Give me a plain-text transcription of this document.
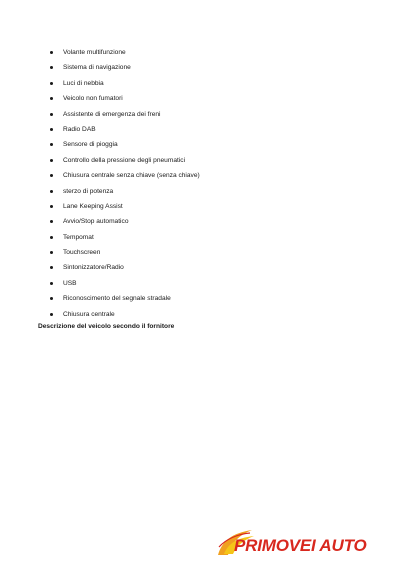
Volante multifunzione
Sistema di navigazione
Luci di nebbia
Veicolo non fumatori
Assistente di emergenza dei freni
Radio DAB
Sensore di pioggia
Controllo della pressione degli pneumatici
Chiusura centrale senza chiave (senza chiave)
sterzo di potenza
Lane Keeping Assist
Avvio/Stop automatico
Tempomat
Touchscreen
Sintonizzatore/Radio
USB
Riconoscimento del segnale stradale
Chiusura centrale
Descrizione del veicolo secondo il fornitore
PRIMOVEI AUTO
